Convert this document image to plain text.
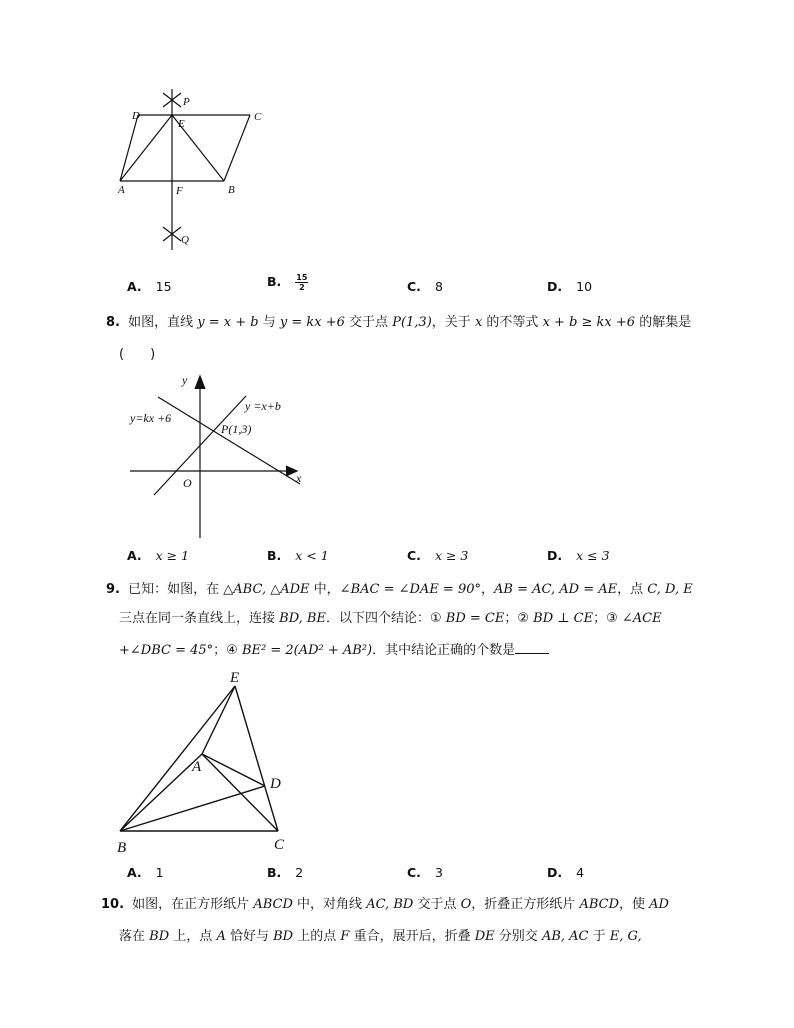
D
P
E
C
A	F	B
Q
A. 15	B. $\frac{15}{2}$	C. 8	D. 10
8. 如图，直线 y = x + b 与 y = kx +6 交于点 P(1,3)，关于 x 的不等式 x + b ≥ kx +6 的解集是
(　　)
y
x
O
y=kx +6
y =x+b
P(1,3)
A. x ≥ 1	B. x < 1	C. x ≥ 3	D. x ≤ 3
9. 已知：如图，在 △ABC, △ADE 中，∠BAC = ∠DAE = 90°，AB = AC, AD = AE，点 C, D, E
三点在同一条直线上，连接 BD, BE．以下四个结论：① BD = CE；② BD ⊥ CE；③ ∠ACE
+∠DBC = 45°；④ BE² = 2(AD² + AB²)．其中结论正确的个数是
E
A
D
B	C
A. 1	B. 2	C. 3	D. 4
10. 如图，在正方形纸片 ABCD 中，对角线 AC, BD 交于点 O，折叠正方形纸片 ABCD，使 AD
落在 BD 上，点 A 恰好与 BD 上的点 F 重合，展开后，折叠 DE 分别交 AB, AC 于 E, G,
